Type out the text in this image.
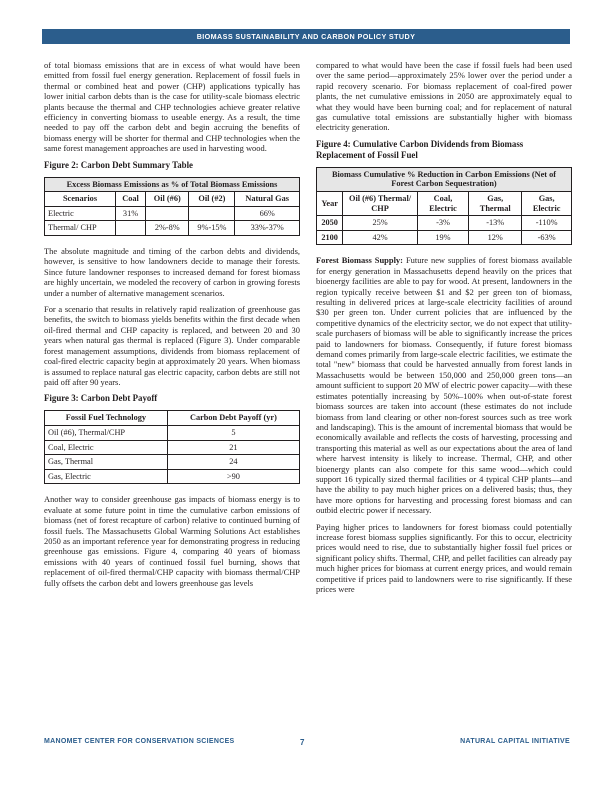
BIOMASS SUSTAINABILITY AND CARBON POLICY STUDY

of total biomass emissions that are in excess of what would have been emitted from fossil fuel energy generation. Replacement of fossil fuels in thermal or combined heat and power (CHP) applications typically has lower initial carbon debts than is the case for utility-scale biomass electric plants because the thermal and CHP technologies achieve greater relative efficiency in converting biomass to useable energy. As a result, the time needed to pay off the carbon debt and begin accruing the benefits of biomass energy will be shorter for thermal and CHP technologies when the same forest management approaches are used in harvesting wood.

Figure 2: Carbon Debt Summary Table
Excess Biomass Emissions as % of Total Biomass Emissions				
Scenarios	Coal	Oil (#6)	Oil (#2)	Natural Gas
Electric	31%			66%
Thermal/ CHP		2%-8%	9%-15%	33%-37%

The absolute magnitude and timing of the carbon debts and dividends, however, is sensitive to how landowners decide to manage their forests. Since future landowner responses to increased demand for forest biomass are highly uncertain, we modeled the recovery of carbon in growing forests under a number of alternative management scenarios.

For a scenario that results in relatively rapid realization of greenhouse gas benefits, the switch to biomass yields benefits within the first decade when oil-fired thermal and CHP capacity is replaced, and between 20 and 30 years when natural gas thermal is replaced (Figure 3). Under comparable forest management assumptions, dividends from biomass replacement of coal-fired electric capacity begin at approximately 20 years. When biomass is assumed to replace natural gas electric capacity, carbon debts are still not paid off after 90 years.

Figure 3: Carbon Debt Payoff
Fossil Fuel Technology	Carbon Debt Payoff (yr)
Oil (#6), Thermal/CHP	5
Coal, Electric	21
Gas, Thermal	24
Gas, Electric	>90

Another way to consider greenhouse gas impacts of biomass energy is to evaluate at some future point in time the cumulative carbon emissions of biomass (net of forest recapture of carbon) relative to continued burning of fossil fuels. The Massachusetts Global Warming Solutions Act establishes 2050 as an important reference year for demonstrating progress in reducing greenhouse gas emissions. Figure 4, comparing 40 years of biomass emissions with 40 years of continued fossil fuel burning, shows that replacement of oil-fired thermal/CHP capacity with biomass thermal/CHP fully offsets the carbon debt and lowers greenhouse gas levels

compared to what would have been the case if fossil fuels had been used over the same period—approximately 25% lower over the period under a rapid recovery scenario. For biomass replacement of coal-fired power plants, the net cumulative emissions in 2050 are approximately equal to what they would have been burning coal; and for replacement of natural gas cumulative total emissions are substantially higher with biomass electricity generation.

Figure 4: Cumulative Carbon Dividends from Biomass Replacement of Fossil Fuel
Biomass Cumulative % Reduction in Carbon Emissions (Net of Forest Carbon Sequestration)				
Year	Oil (#6) Thermal/ CHP	Coal, Electric	Gas, Thermal	Gas, Electric
2050	25%	-3%	-13%	-110%
2100	42%	19%	12%	-63%

Forest Biomass Supply: Future new supplies of forest biomass available for energy generation in Massachusetts depend heavily on the prices that bioenergy facilities are able to pay for wood. At present, landowners in the region typically receive between $1 and $2 per green ton of biomass, resulting in delivered prices at large-scale electricity facilities of around $30 per green ton. Under current policies that are influenced by the competitive dynamics of the electricity sector, we do not expect that utility-scale purchasers of biomass will be able to significantly increase the prices paid to landowners for biomass. Consequently, if future forest biomass demand comes primarily from large-scale electric facilities, we estimate the total "new" biomass that could be harvested annually from forest lands in Massachusetts would be between 150,000 and 250,000 green tons—an amount sufficient to support 20 MW of electric power capacity—with these estimates potentially increasing by 50%–100% when out-of-state forest biomass sources are taken into account (these estimates do not include biomass from land clearing or other non-forest sources such as tree work and landscaping). This is the amount of incremental biomass that would be economically available and reflects the costs of harvesting, processing and transporting this material as well as our expectations about the area of land where harvest intensity is likely to increase. Thermal, CHP, and other bioenergy plants can also compete for this same wood—which could support 16 typically sized thermal facilities or 4 typical CHP plants—and have the ability to pay much higher prices on a delivered basis; thus, they have more options for harvesting and processing forest biomass and can outbid electric power if necessary.

Paying higher prices to landowners for forest biomass could potentially increase forest biomass supplies significantly. For this to occur, electricity prices would need to rise, due to substantially higher fossil fuel prices or significant policy shifts. Thermal, CHP, and pellet facilities can already pay much higher prices for biomass at current energy prices, and would remain competitive if prices paid to landowners were to rise significantly. If these prices were

MANOMET CENTER FOR CONSERVATION SCIENCES	7	NATURAL CAPITAL INITIATIVE
